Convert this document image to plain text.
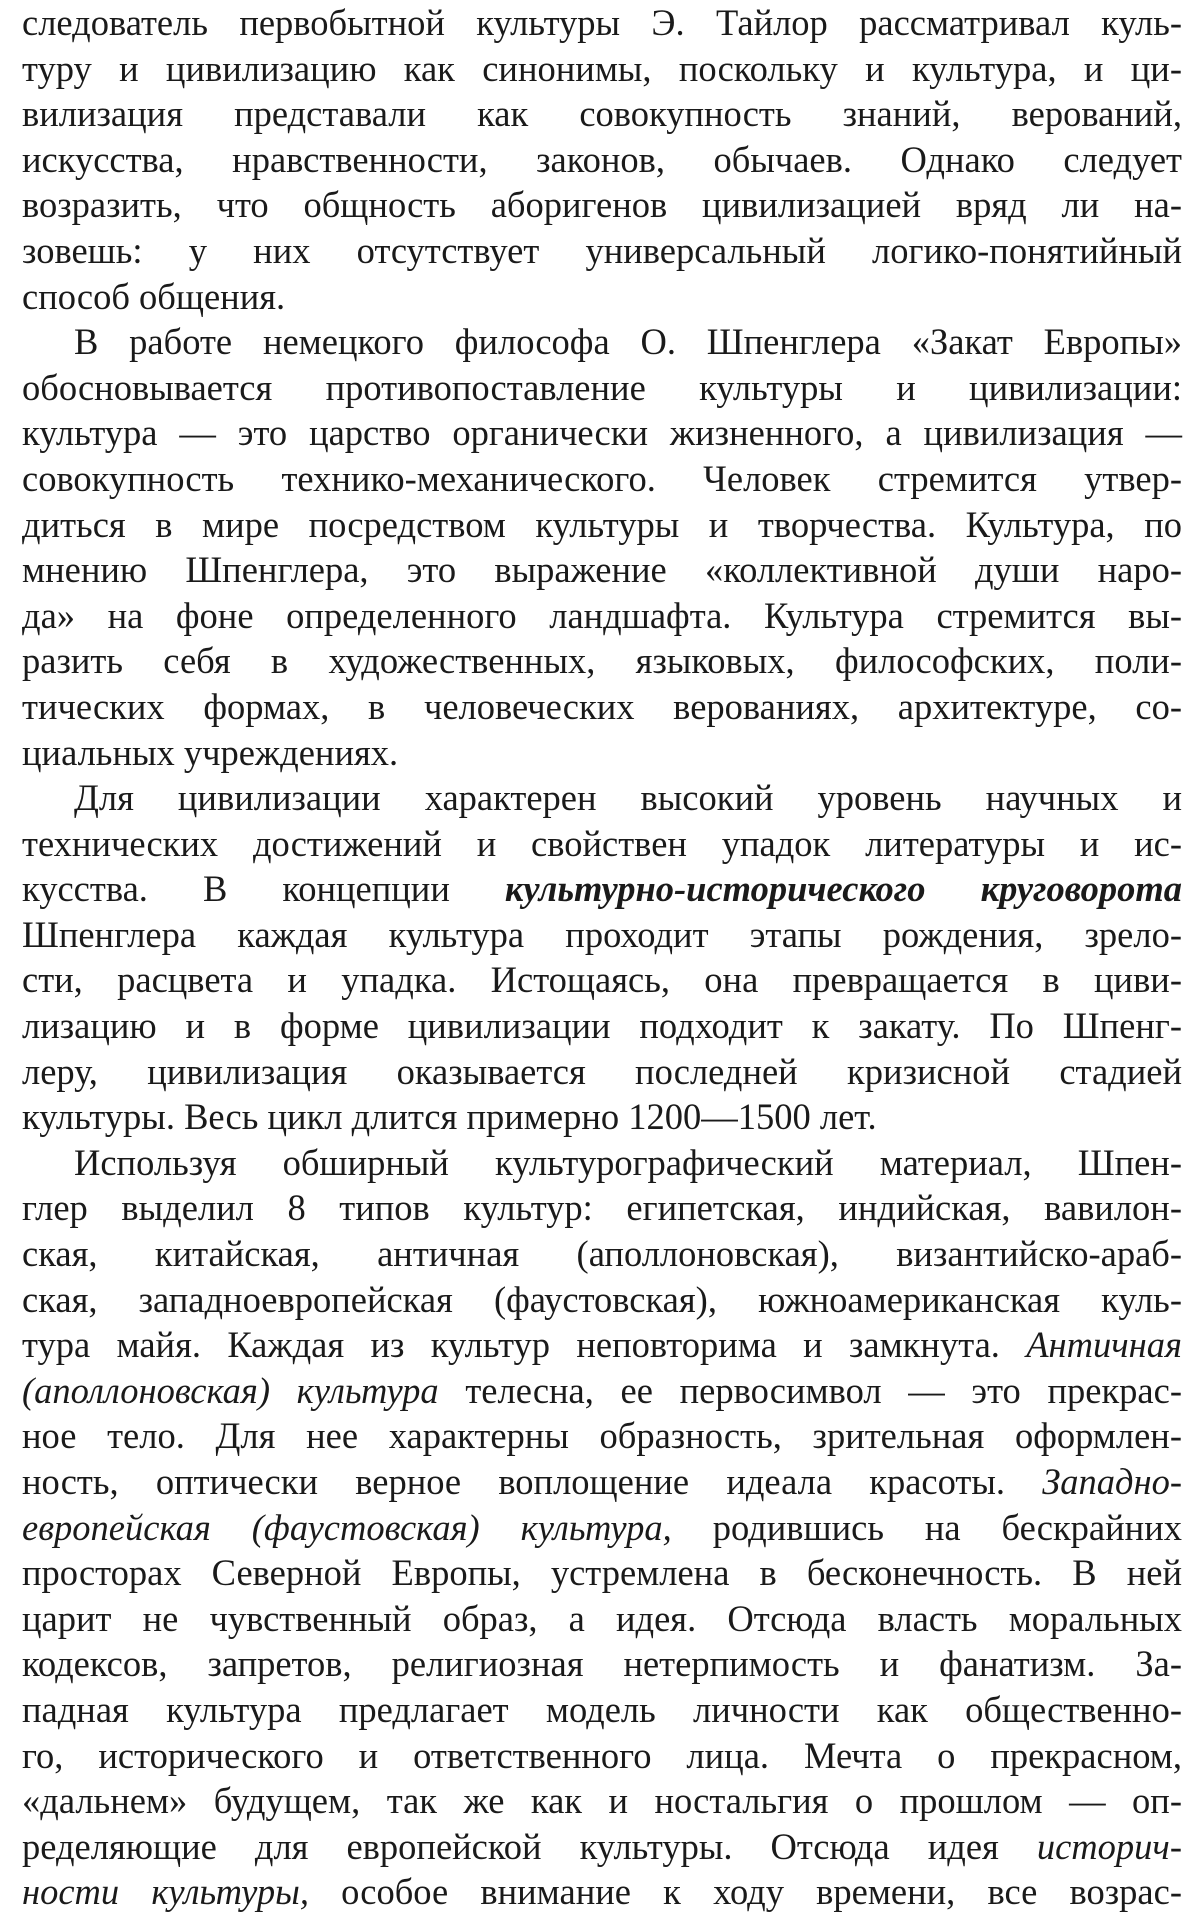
следователь первобытной культуры Э. Тайлор рассматривал куль-
туру и цивилизацию как синонимы, поскольку и культура, и ци-
вилизация представали как совокупность знаний, верований,
искусства, нравственности, законов, обычаев. Однако следует
возразить, что общность аборигенов цивилизацией вряд ли на-
зовешь: у них отсутствует универсальный логико-понятийный
способ общения.
В работе немецкого философа О. Шпенглера «Закат Европы»
обосновывается противопоставление культуры и цивилизации:
культура — это царство органически жизненного, а цивилизация —
совокупность технико-механического. Человек стремится утвер-
диться в мире посредством культуры и творчества. Культура, по
мнению Шпенглера, это выражение «коллективной души наро-
да» на фоне определенного ландшафта. Культура стремится вы-
разить себя в художественных, языковых, философских, поли-
тических формах, в человеческих верованиях, архитектуре, со-
циальных учреждениях.
Для цивилизации характерен высокий уровень научных и
технических достижений и свойствен упадок литературы и ис-
кусства. В концепции культурно-исторического круговорота
Шпенглера каждая культура проходит этапы рождения, зрело-
сти, расцвета и упадка. Истощаясь, она превращается в циви-
лизацию и в форме цивилизации подходит к закату. По Шпенг-
леру, цивилизация оказывается последней кризисной стадией
культуры. Весь цикл длится примерно 1200—1500 лет.
Используя обширный культурографический материал, Шпен-
глер выделил 8 типов культур: египетская, индийская, вавилон-
ская, китайская, античная (аполлоновская), византийско-араб-
ская, западноевропейская (фаустовская), южноамериканская куль-
тура майя. Каждая из культур неповторима и замкнута. Античная
(аполлоновская) культура телесна, ее первосимвол — это прекрас-
ное тело. Для нее характерны образность, зрительная оформлен-
ность, оптически верное воплощение идеала красоты. Западно-
европейская (фаустовская) культура, родившись на бескрайних
просторах Северной Европы, устремлена в бесконечность. В ней
царит не чувственный образ, а идея. Отсюда власть моральных
кодексов, запретов, религиозная нетерпимость и фанатизм. За-
падная культура предлагает модель личности как общественно-
го, исторического и ответственного лица. Мечта о прекрасном,
«дальнем» будущем, так же как и ностальгия о прошлом — оп-
ределяющие для европейской культуры. Отсюда идея историч-
ности культуры, особое внимание к ходу времени, все возрас-
